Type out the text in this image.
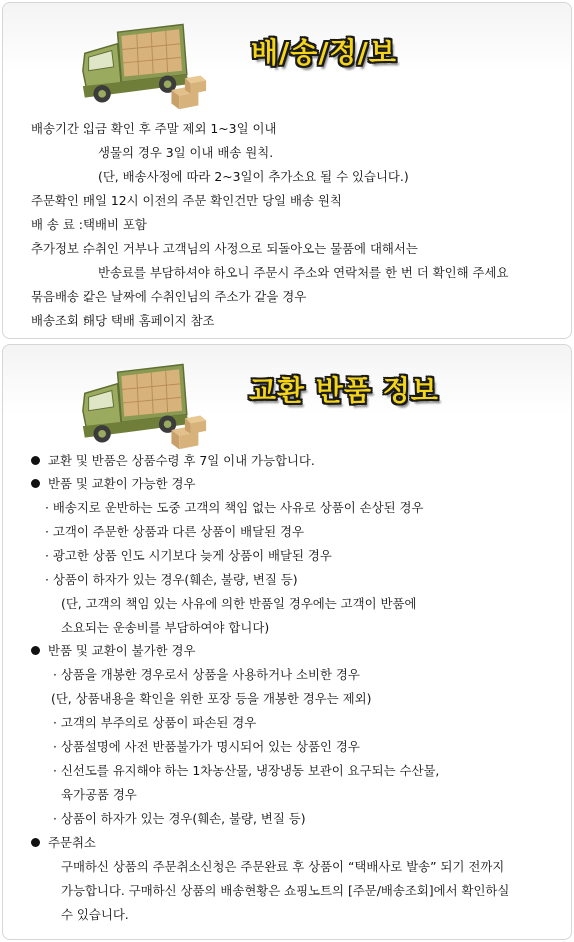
배/송/정/보
배송기간 :
입금 확인 후 주말 제외 1~3일 이내
생물의 경우 3일 이내 배송 원칙.
(단, 배송사정에 따라 2~3일이 추가소요 될 수 있습니다.)
주문확인 :
매일 12시 이전의 주문 확인건만 당일 배송 원칙
배 송 료 : 택배비 포함
추가정보 :
수취인 거부나 고객님의 사정으로 되돌아오는 물품에 대해서는
반송료를 부담하셔야 하오니 주문시 주소와 연락처를 한 번 더 확인해 주세요
묶음배송 :
같은 날짜에 수취인님의 주소가 같을 경우
배송조회 :
해당 택배 홈페이지 참조
교환 반품 정보
교환 및 반품은 상품수령 후 7일 이내 가능합니다.
반품 및 교환이 가능한 경우
· 배송지로 운반하는 도중 고객의 책임 없는 사유로 상품이 손상된 경우
· 고객이 주문한 상품과 다른 상품이 배달된 경우
· 광고한 상품 인도 시기보다 늦게 상품이 배달된 경우
· 상품이 하자가 있는 경우(훼손, 불량, 변질 등)
(단, 고객의 책임 있는 사유에 의한 반품일 경우에는 고객이 반품에
소요되는 운송비를 부담하여야 합니다)
반품 및 교환이 불가한 경우
· 상품을 개봉한 경우로서 상품을 사용하거나 소비한 경우
(단, 상품내용을 확인을 위한 포장 등을 개봉한 경우는 제외)
· 고객의 부주의로 상품이 파손된 경우
· 상품설명에 사전 반품불가가 명시되어 있는 상품인 경우
· 신선도를 유지해야 하는 1차농산물, 냉장냉동 보관이 요구되는 수산물,
육가공품 경우
· 상품이 하자가 있는 경우(훼손, 불량, 변질 등)
주문취소
구매하신 상품의 주문취소신청은 주문완료 후 상품이 “택배사로 발송” 되기 전까지
가능합니다. 구매하신 상품의 배송현황은 쇼핑노트의 [주문/배송조회]에서 확인하실
수 있습니다.
